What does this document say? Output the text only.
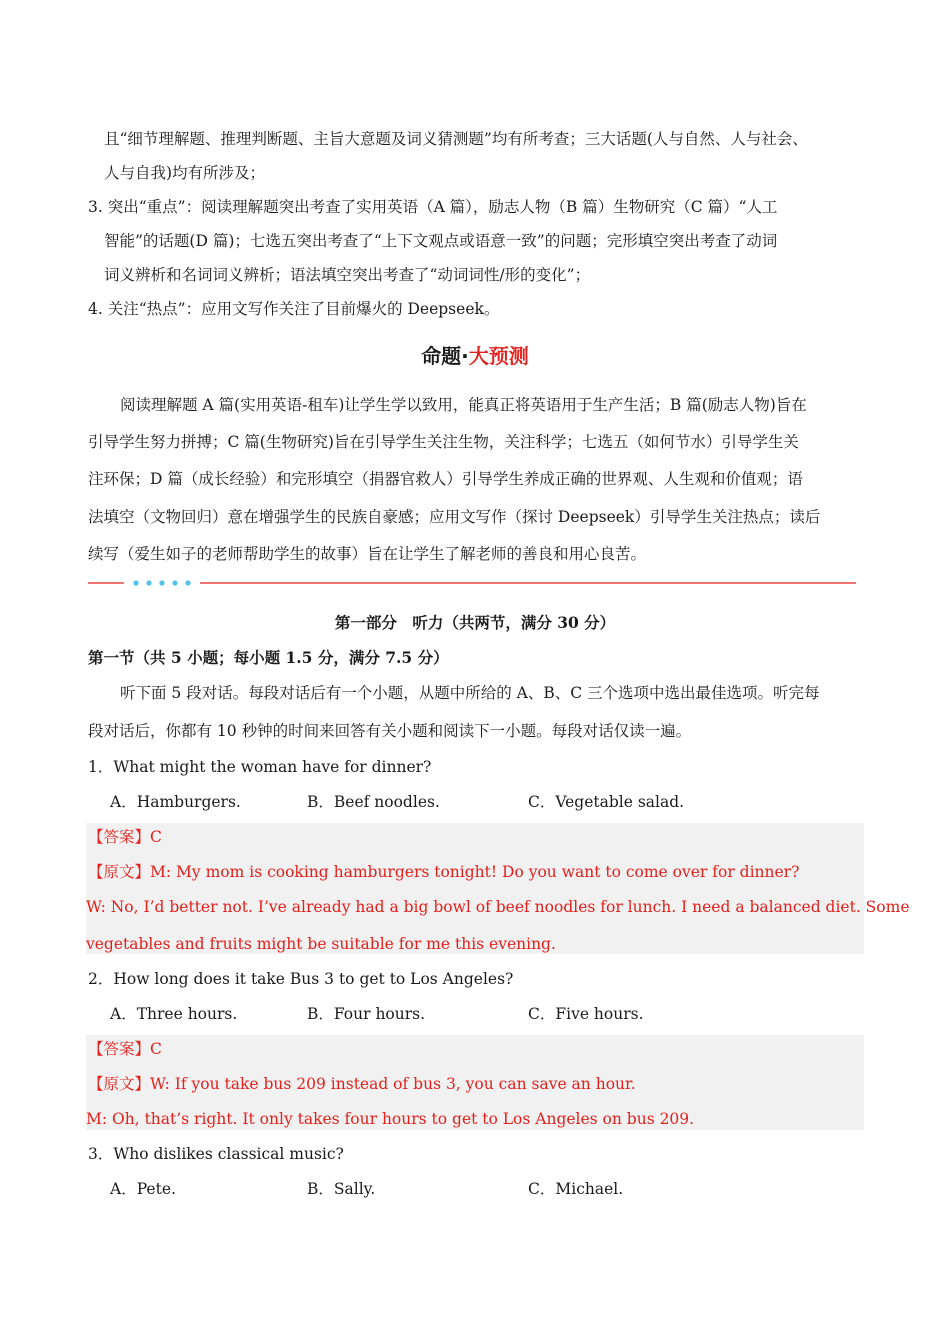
且“细节理解题、推理判断题、主旨大意题及词义猜测题”均有所考查；三大话题(人与自然、人与社会、
人与自我)均有所涉及；
3. 突出“重点”：阅读理解题突出考查了实用英语（A 篇），励志人物（B 篇）生物研究（C 篇）“人工
智能”的话题(D 篇)；七选五突出考查了“上下文观点或语意一致”的问题；完形填空突出考查了动词
词义辨析和名词词义辨析；语法填空突出考查了“动词词性/形的变化”；
4. 关注“热点”：应用文写作关注了目前爆火的 Deepseek。
命题·大预测
阅读理解题 A 篇(实用英语-租车)让学生学以致用，能真正将英语用于生产生活；B 篇(励志人物)旨在
引导学生努力拼搏；C 篇(生物研究)旨在引导学生关注生物，关注科学；七选五（如何节水）引导学生关
注环保；D 篇（成长经验）和完形填空（捐器官救人）引导学生养成正确的世界观、人生观和价值观；语
法填空（文物回归）意在增强学生的民族自豪感；应用文写作（探讨 Deepseek）引导学生关注热点；读后
续写（爱生如子的老师帮助学生的故事）旨在让学生了解老师的善良和用心良苦。
第一部分　听力（共两节，满分 30 分）
第一节（共 5 小题；每小题 1.5 分，满分 7.5 分）
听下面 5 段对话。每段对话后有一个小题，从题中所给的 A、B、C 三个选项中选出最佳选项。听完每
段对话后，你都有 10 秒钟的时间来回答有关小题和阅读下一小题。每段对话仅读一遍。
1．What might the woman have for dinner?
A．Hamburgers.	B．Beef noodles.	C．Vegetable salad.
【答案】C
【原文】M: My mom is cooking hamburgers tonight! Do you want to come over for dinner?
W: No, I’d better not. I’ve already had a big bowl of beef noodles for lunch. I need a balanced diet. Some
vegetables and fruits might be suitable for me this evening.
2．How long does it take Bus 3 to get to Los Angeles?
A．Three hours.	B．Four hours.	C．Five hours.
【答案】C
【原文】W: If you take bus 209 instead of bus 3, you can save an hour.
M: Oh, that’s right. It only takes four hours to get to Los Angeles on bus 209.
3．Who dislikes classical music?
A．Pete.	B．Sally.	C．Michael.
